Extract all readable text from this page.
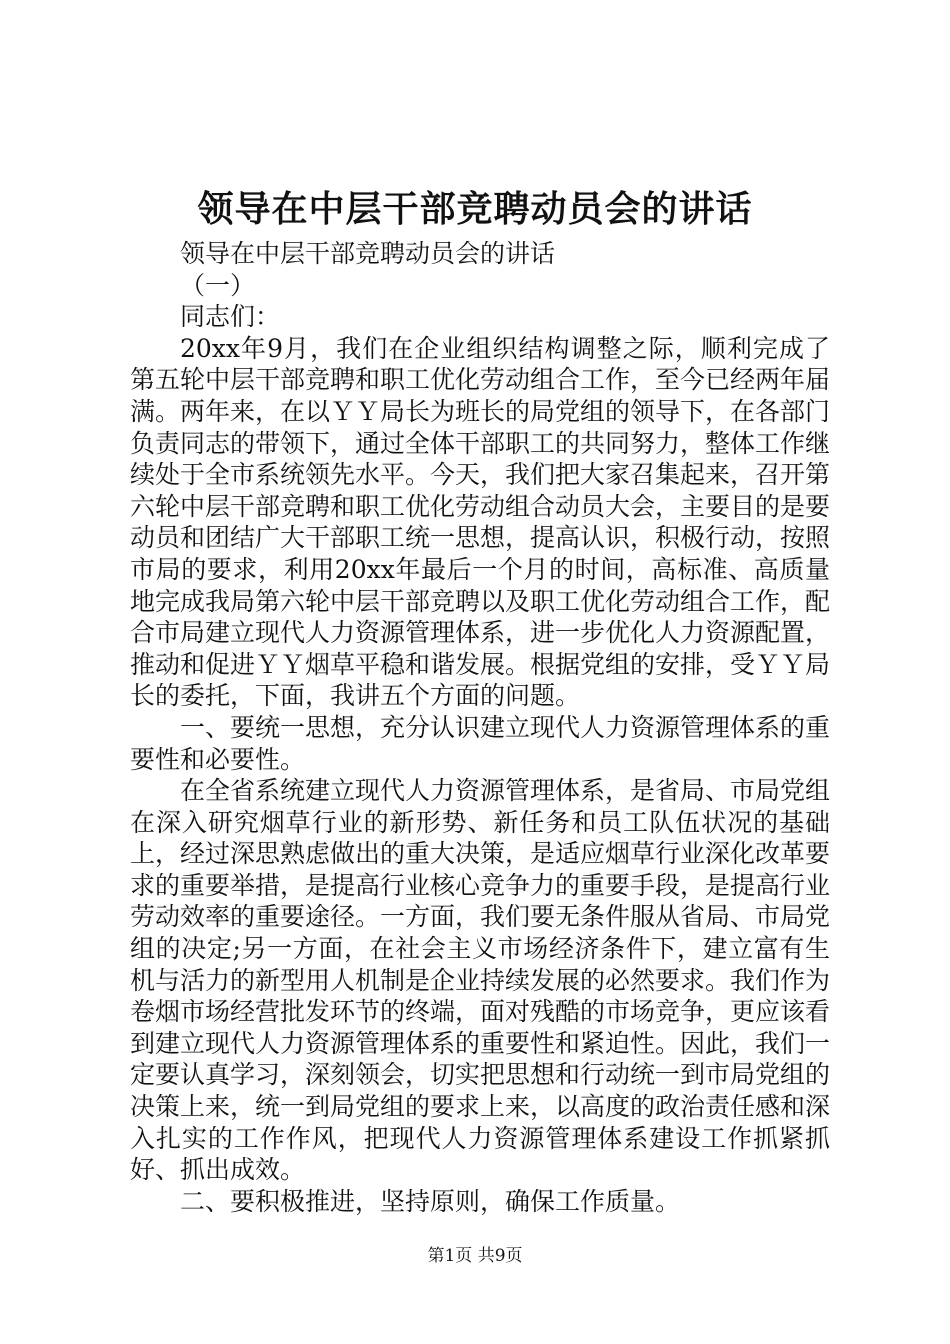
领导在中层干部竞聘动员会的讲话

领导在中层干部竞聘动员会的讲话

（一）

同志们：

20xx年9月，我们在企业组织结构调整之际，顺利完成了第五轮中层干部竞聘和职工优化劳动组合工作，至今已经两年届满。两年来，在以ＹＹ局长为班长的局党组的领导下，在各部门负责同志的带领下，通过全体干部职工的共同努力，整体工作继续处于全市系统领先水平。今天，我们把大家召集起来，召开第六轮中层干部竞聘和职工优化劳动组合动员大会，主要目的是要动员和团结广大干部职工统一思想，提高认识，积极行动，按照市局的要求，利用20xx年最后一个月的时间，高标准、高质量地完成我局第六轮中层干部竞聘以及职工优化劳动组合工作，配合市局建立现代人力资源管理体系，进一步优化人力资源配置，推动和促进ＹＹ烟草平稳和谐发展。根据党组的安排，受ＹＹ局长的委托，下面，我讲五个方面的问题。

一、要统一思想，充分认识建立现代人力资源管理体系的重要性和必要性。

在全省系统建立现代人力资源管理体系，是省局、市局党组在深入研究烟草行业的新形势、新任务和员工队伍状况的基础上，经过深思熟虑做出的重大决策，是适应烟草行业深化改革要求的重要举措，是提高行业核心竞争力的重要手段，是提高行业劳动效率的重要途径。一方面，我们要无条件服从省局、市局党组的决定;另一方面，在社会主义市场经济条件下，建立富有生机与活力的新型用人机制是企业持续发展的必然要求。我们作为卷烟市场经营批发环节的终端，面对残酷的市场竞争，更应该看到建立现代人力资源管理体系的重要性和紧迫性。因此，我们一定要认真学习，深刻领会，切实把思想和行动统一到市局党组的决策上来，统一到局党组的要求上来，以高度的政治责任感和深入扎实的工作作风，把现代人力资源管理体系建设工作抓紧抓好、抓出成效。

二、要积极推进，坚持原则，确保工作质量。

第1页 共9页
